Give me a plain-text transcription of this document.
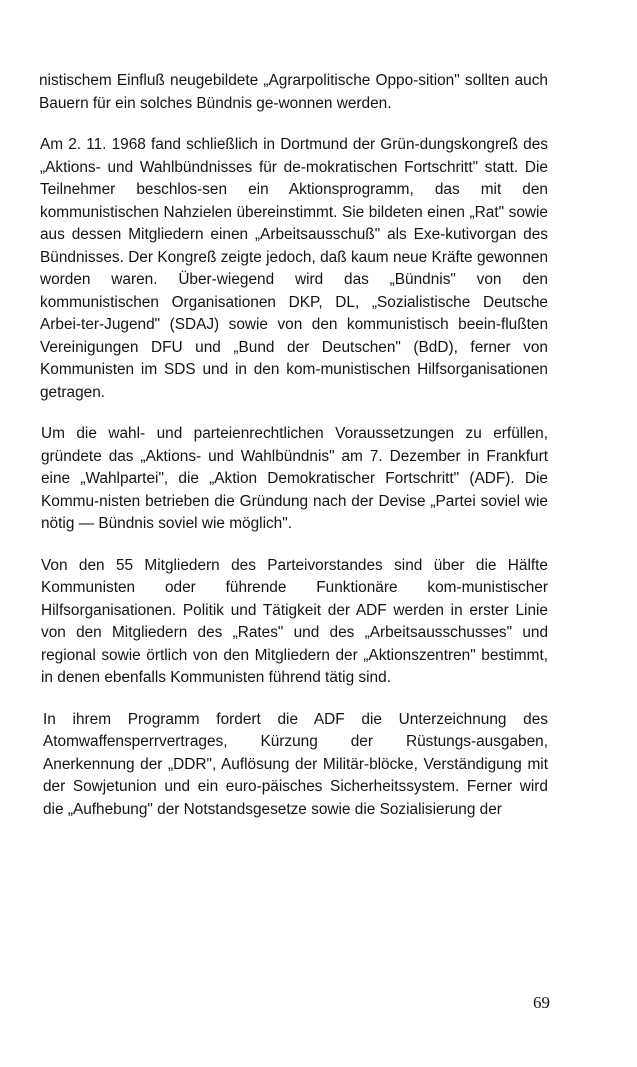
nistischem Einfluß neugebildete „Agrarpolitische Oppo-sition" sollten auch Bauern für ein solches Bündnis ge-wonnen werden.

Am 2. 11. 1968 fand schließlich in Dortmund der Grün-dungskongreß des „Aktions- und Wahlbündnisses für de-mokratischen Fortschritt" statt. Die Teilnehmer beschlos-sen ein Aktionsprogramm, das mit den kommunistischen Nahzielen übereinstimmt. Sie bildeten einen „Rat" sowie aus dessen Mitgliedern einen „Arbeitsausschuß" als Exe-kutivorgan des Bündnisses. Der Kongreß zeigte jedoch, daß kaum neue Kräfte gewonnen worden waren. Über-wiegend wird das „Bündnis" von den kommunistischen Organisationen DKP, DL, „Sozialistische Deutsche Arbei-ter-Jugend" (SDAJ) sowie von den kommunistisch beein-flußten Vereinigungen DFU und „Bund der Deutschen" (BdD), ferner von Kommunisten im SDS und in den kom-munistischen Hilfsorganisationen getragen.

Um die wahl- und parteienrechtlichen Voraussetzungen zu erfüllen, gründete das „Aktions- und Wahlbündnis" am 7. Dezember in Frankfurt eine „Wahlpartei", die „Aktion Demokratischer Fortschritt" (ADF). Die Kommu-nisten betrieben die Gründung nach der Devise „Partei soviel wie nötig — Bündnis soviel wie möglich".

Von den 55 Mitgliedern des Parteivorstandes sind über die Hälfte Kommunisten oder führende Funktionäre kom-munistischer Hilfsorganisationen. Politik und Tätigkeit der ADF werden in erster Linie von den Mitgliedern des „Rates" und des „Arbeitsausschusses" und regional sowie örtlich von den Mitgliedern der „Aktionszentren" bestimmt, in denen ebenfalls Kommunisten führend tätig sind.

In ihrem Programm fordert die ADF die Unterzeichnung des Atomwaffensperrvertrages, Kürzung der Rüstungs-ausgaben, Anerkennung der „DDR", Auflösung der Militär-blöcke, Verständigung mit der Sowjetunion und ein euro-päisches Sicherheitssystem. Ferner wird die „Aufhebung" der Notstandsgesetze sowie die Sozialisierung der

69
